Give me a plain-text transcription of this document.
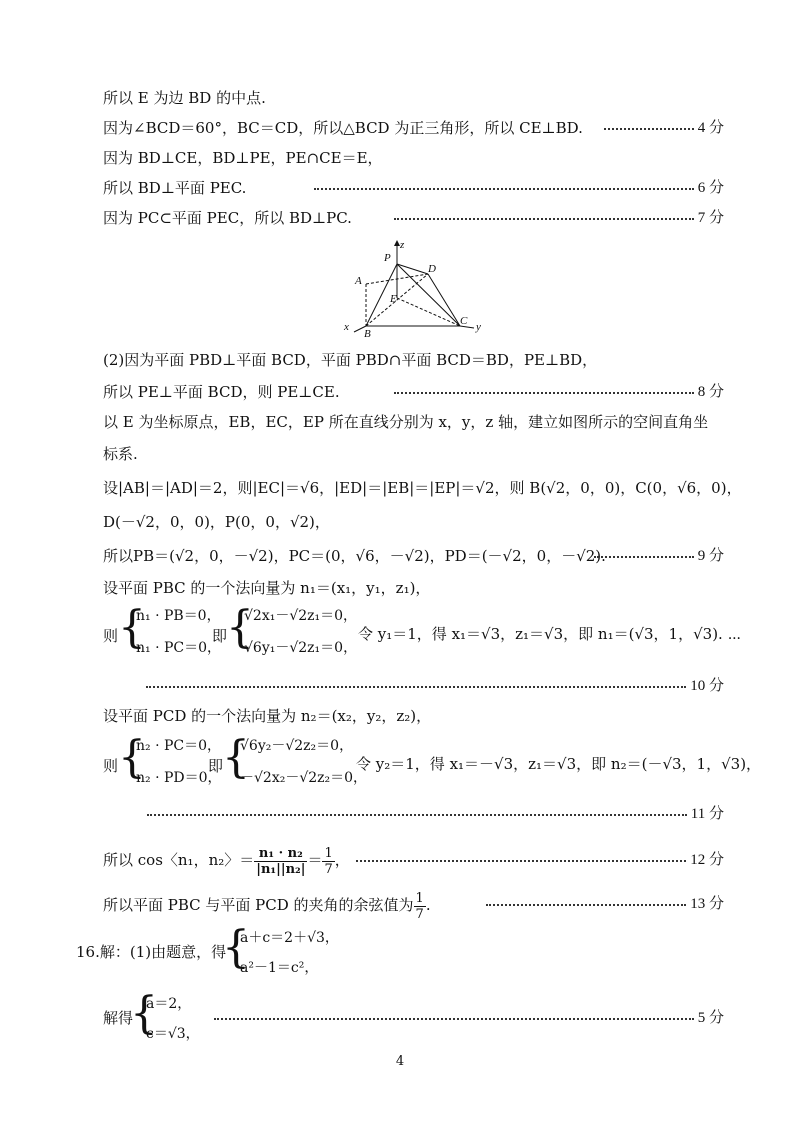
所以 E 为边 BD 的中点.
因为∠BCD＝60°，BC＝CD，所以△BCD 为正三角形，所以 CE⊥BD.	4 分
因为 BD⊥CE，BD⊥PE，PE∩CE＝E，
所以 BD⊥平面 PEC.	6 分
因为 PC⊂平面 PEC，所以 BD⊥PC.	7 分
P
z
D
A
E
x
B
C y
(2)因为平面 PBD⊥平面 BCD，平面 PBD∩平面 BCD＝BD，PE⊥BD，
所以 PE⊥平面 BCD，则 PE⊥CE.	8 分
以 E 为坐标原点，EB，EC，EP 所在直线分别为 x，y，z 轴，建立如图所示的空间直角坐
标系.
设|AB|＝|AD|＝2，则|EC|＝√6，|ED|＝|EB|＝|EP|＝√2，则 B(√2，0，0)，C(0，√6，0)，
D(－√2，0，0)，P(0，0，√2)，
所以PB＝(√2，0，－√2)，PC＝(0，√6，－√2)，PD＝(－√2，0，－√2).	9 分
设平面 PBC 的一个法向量为 n₁＝(x₁，y₁，z₁)，
则 {
n₁ · PB＝0，
n₁ · PC＝0，
即
{
√2x₁－√2z₁＝0，
√6y₁－√2z₁＝0，
令 y₁＝1，得 x₁＝√3，z₁＝√3，即 n₁＝(√3，1，√3). ⋯
10 分
设平面 PCD 的一个法向量为 n₂＝(x₂，y₂，z₂)，
则 {
n₂ · PC＝0，
n₂ · PD＝0，
即
{
√6y₂－√2z₂＝0，
－√2x₂－√2z₂＝0，
令 y₂＝1，得 x₁＝－√3，z₁＝√3，即 n₂＝(－√3，1，√3)，
11 分
所以 cos〈n₁，n₂〉＝ $\frac{\text{n₁ · n₂}}{\text{|n₁||n₂|}} = \frac{1}{7}$ ，	12 分
所以平面 PBC 与平面 PCD 的夹角的余弦值为 $\frac{1}{7}$ .	13 分
16.解：(1)由题意，得
{
a＋c＝2＋√3，
a²－1＝c²，
解得
{
a＝2，
c＝√3，
5 分
4
